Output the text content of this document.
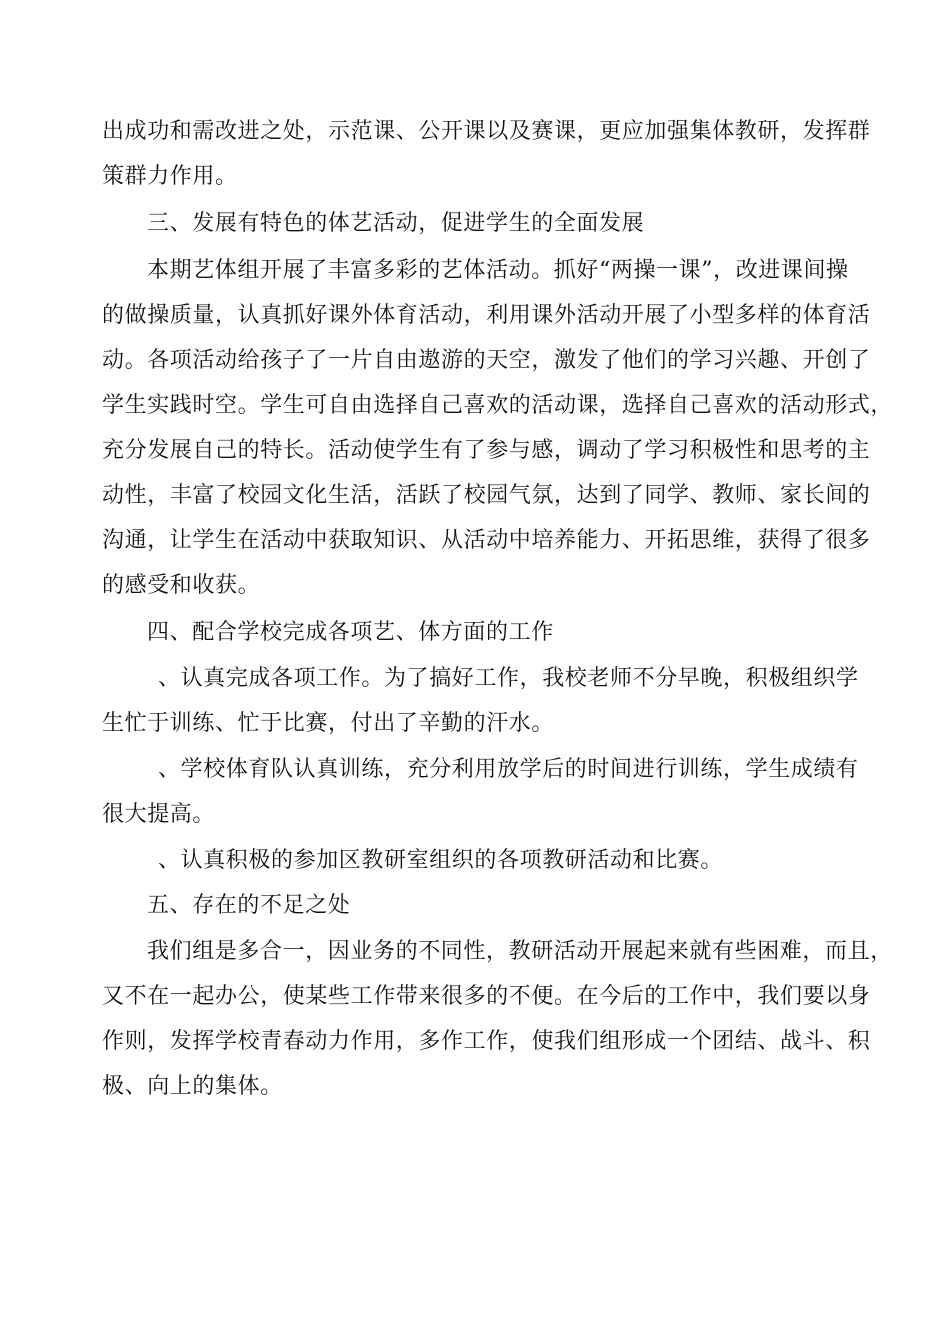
出成功和需改进之处，示范课、公开课以及赛课，更应加强集体教研，发挥群
策群力作用。
三、发展有特色的体艺活动，促进学生的全面发展
本期艺体组开展了丰富多彩的艺体活动。抓好“两操一课”，改进课间操
的做操质量，认真抓好课外体育活动，利用课外活动开展了小型多样的体育活
动。各项活动给孩子了一片自由遨游的天空，激发了他们的学习兴趣、开创了
学生实践时空。学生可自由选择自己喜欢的活动课，选择自己喜欢的活动形式，
充分发展自己的特长。活动使学生有了参与感，调动了学习积极性和思考的主
动性，丰富了校园文化生活，活跃了校园气氛，达到了同学、教师、家长间的
沟通，让学生在活动中获取知识、从活动中培养能力、开拓思维，获得了很多
的感受和收获。
四、配合学校完成各项艺、体方面的工作
、认真完成各项工作。为了搞好工作，我校老师不分早晚，积极组织学
生忙于训练、忙于比赛，付出了辛勤的汗水。
、学校体育队认真训练，充分利用放学后的时间进行训练，学生成绩有
很大提高。
、认真积极的参加区教研室组织的各项教研活动和比赛。
五、存在的不足之处
我们组是多合一，因业务的不同性，教研活动开展起来就有些困难，而且，
又不在一起办公，使某些工作带来很多的不便。在今后的工作中，我们要以身
作则，发挥学校青春动力作用，多作工作，使我们组形成一个团结、战斗、积
极、向上的集体。
